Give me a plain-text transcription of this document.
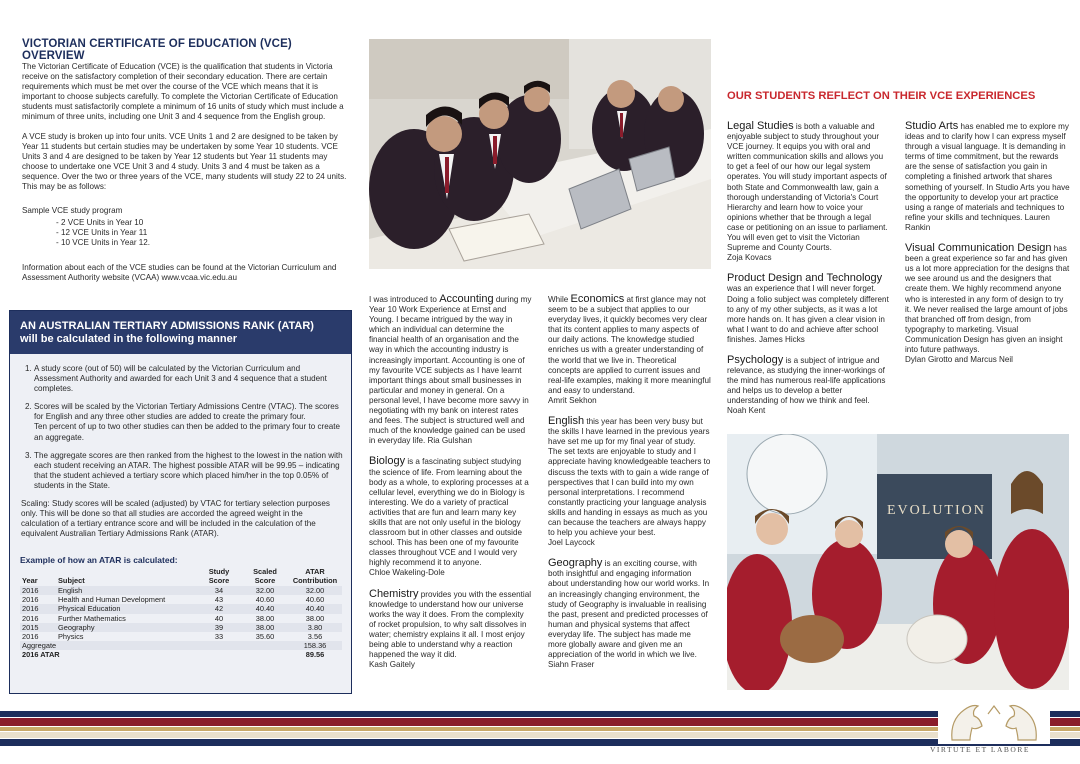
VICTORIAN CERTIFICATE OF EDUCATION (VCE) OVERVIEW

The Victorian Certificate of Education (VCE) is the qualification that students in Victoria receive on the satisfactory completion of their secondary education. There are certain requirements which must be met over the course of the VCE which means that it is important to choose subjects carefully. To complete the Victorian Certificate of Education students must satisfactorily complete a minimum of 16 units of study which must include a minimum of three units, including one Unit 3 and 4 sequence from the English group.

A VCE study is broken up into four units. VCE Units 1 and 2 are designed to be taken by Year 11 students but certain studies may be undertaken by some Year 10 students. VCE Units 3 and 4 are designed to be taken by Year 12 students but Year 11 students may choose to undertake one VCE Unit 3 and 4 study. Units 3 and 4 must be taken as a sequence. Over the two or three years of the VCE, many students will study 22 to 24 units. This may be as follows:

Sample VCE study program

- 2 VCE Units in Year 10
- 12 VCE Units in Year 11
- 10 VCE Units in Year 12.

Information about each of the VCE studies can be found at the Victorian Curriculum and Assessment Authority website (VCAA) www.vcaa.vic.edu.au

AN AUSTRALIAN TERTIARY ADMISSIONS RANK (ATAR)
will be calculated in the following manner
1. A study score (out of 50) will be calculated by the Victorian Curriculum and Assessment Authority and awarded for each Unit 3 and 4 sequence that a student completes.
2. Scores will be scaled by the Victorian Tertiary Admissions Centre (VTAC). The scores for English and any three other studies are added to create the primary four.
Ten percent of up to two other studies can then be added to the primary four to create an aggregate.
3. The aggregate scores are then ranked from the highest to the lowest in the nation with each student receiving an ATAR. The highest possible ATAR will be 99.95 – indicating that the student achieved a tertiary score which placed him/her in the top 0.05% of students in the State.
Scaling: Study scores will be scaled (adjusted) by VTAC for tertiary selection purposes only. This will be done so that all studies are accorded the agreed weight in the calculation of a tertiary entrance score and will be included in the calculation of the equivalent Australian Tertiary Admissions Rank (ATAR).
Example of how an ATAR is calculated:
Year	Subject	Study Score	Scaled Score	ATAR Contribution
2016	English	34	32.00	32.00
2016	Health and Human Development	43	40.60	40.60
2016	Physical Education	42	40.40	40.40
2016	Further Mathematics	40	38.00	38.00
2015	Geography	39	38.00	3.80
2016	Physics	33	35.60	3.56
Aggregate				158.36
2016 ATAR				89.56
I was introduced to Accounting during my Year 10 Work Experience at Ernst and Young. I became intrigued by the way in which an individual can determine the financial health of an organisation and the way in which the accounting industry is increasingly important. Accounting is one of my favourite VCE subjects as I have learnt important things about small businesses in particular and money in general. On a personal level, I have become more savvy in negotiating with my bank on interest rates and fees. The subject is structured well and much of the knowledge gained can be used in everyday life. Ria Gulshan
Biology is a fascinating subject studying the science of life. From learning about the body as a whole, to exploring processes at a cellular level, everything we do in Biology is interesting. We do a variety of practical activities that are fun and learn many key skills that are not only useful in the biology classroom but in other classes and outside school. This has been one of my favourite classes throughout VCE and I would very highly recommend it to anyone.
Chloe Wakeling-Dole
Chemistry provides you with the essential knowledge to understand how our universe works the way it does. From the complexity of rocket propulsion, to why salt dissolves in water; chemistry explains it all. I most enjoy being able to understand why a reaction happened the way it did.
Kash Gaitely
While Economics at first glance may not seem to be a subject that applies to our everyday lives, it quickly becomes very clear that its content applies to many aspects of our daily actions. The knowledge studied enriches us with a greater understanding of the world that we live in. Theoretical concepts are applied to current issues and real-life examples, making it more meaningful and easy to understand.
Amrit Sekhon
English this year has been very busy but the skills I have learned in the previous years have set me up for my final year of study. The set texts are enjoyable to study and I appreciate having knowledgeable teachers to discuss the texts with to gain a wide range of perspectives that I can build into my own personal interpretations. I recommend constantly practicing your language analysis skills and handing in essays as much as you can because the teachers are always happy to help you achieve your best.
Joel Laycock
Geography is an exciting course, with both insightful and engaging information about understanding how our world works. In an increasingly changing environment, the study of Geography is invaluable in realising the past, present and predicted processes of human and physical systems that affect everyday life. The subject has made me more globally aware and given me an appreciation of the world in which we live.
Siahn Fraser
OUR STUDENTS REFLECT ON THEIR VCE EXPERIENCES
Legal Studies is both a valuable and enjoyable subject to study throughout your VCE journey. It equips you with oral and written communication skills and allows you to get a feel of our how our legal system operates. You will study important aspects of both State and Commonwealth law, gain a thorough understanding of Victoria's Court Hierarchy and learn how to voice your opinions whether that be through a legal case or petitioning on an issue to parliament. You will even get to visit the Victorian Supreme and County Courts.
Zoja Kovacs
Product Design and Technology
was an experience that I will never forget. Doing a folio subject was completely different to any of my other subjects, as it was a lot more hands on. It has given a clear vision in what I want to do and achieve after school finishes. James Hicks
Psychology is a subject of intrigue and relevance, as studying the inner-workings of the mind has numerous real-life applications and helps us to develop a better understanding of how we think and feel. Noah Kent
Studio Arts has enabled me to explore my ideas and to clarify how I can express myself through a visual language. It is demanding in terms of time commitment, but the rewards are the sense of satisfaction you gain in completing a finished artwork that shares something of yourself. In Studio Arts you have the opportunity to develop your art practice using a range of materials and techniques to refine your skills and techniques. Lauren Rankin
Visual Communication Design has been a great experience so far and has given us a lot more appreciation for the designs that we see around us and the designers that create them. We highly recommend anyone who is interested in any form of design to try it. We never realised the large amount of jobs that branched off from design, from typography to marketing. Visual Communication Design has given an insight into future pathways.
Dylan Girotto and Marcus Neil
EVOLUTION
VIRTUTE ET LABORE
